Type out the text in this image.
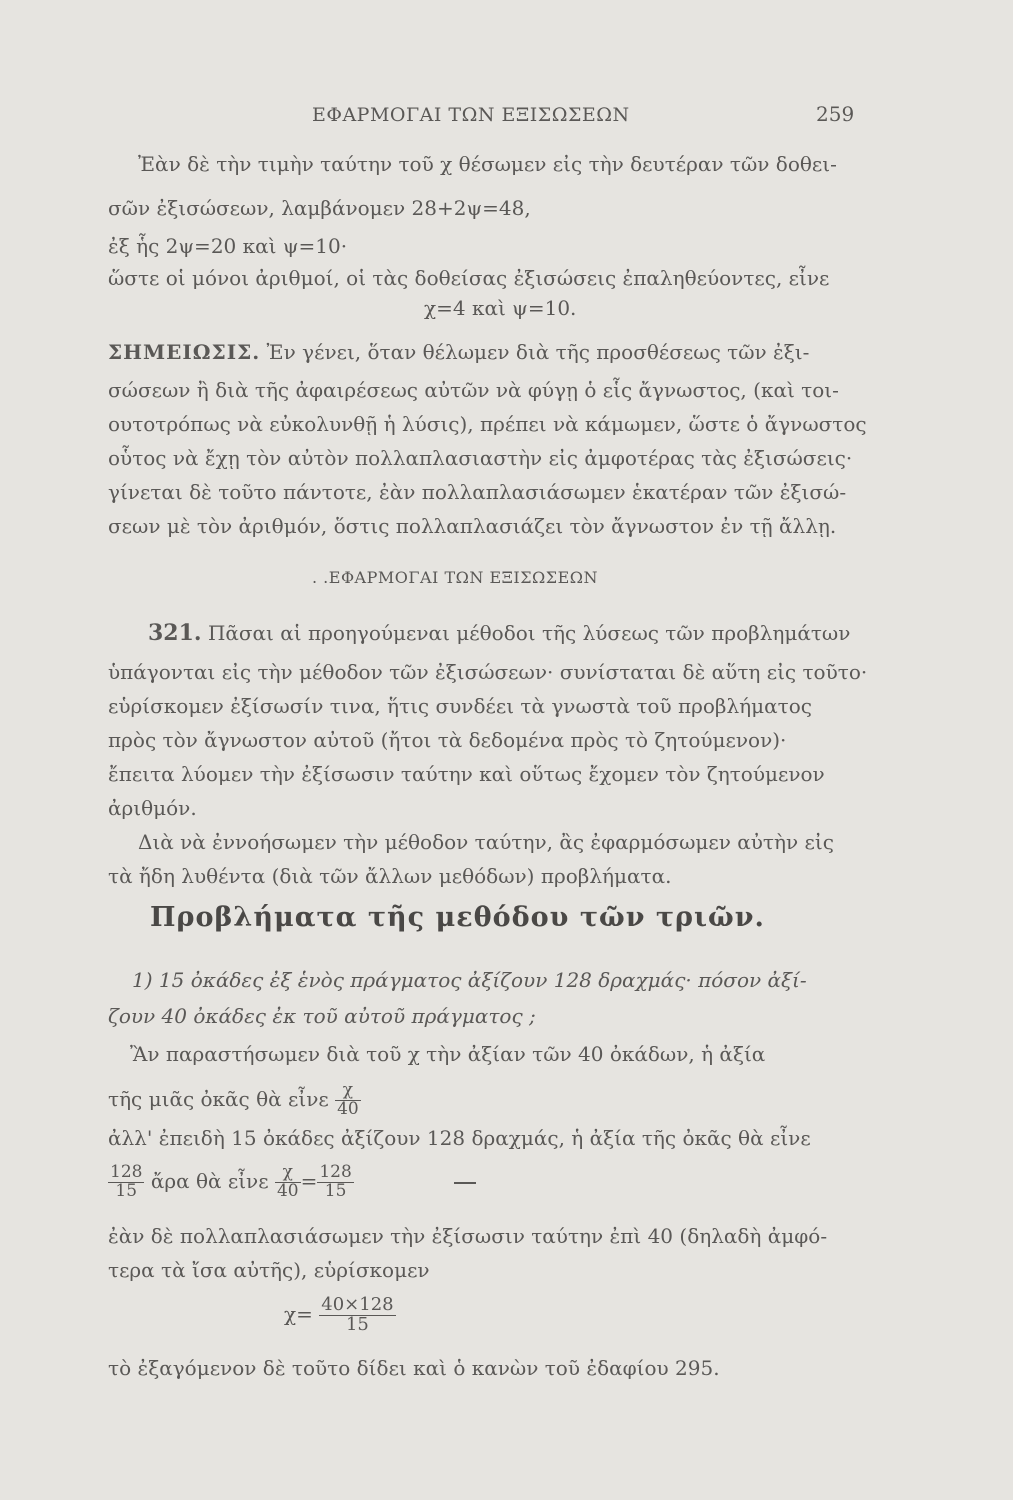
ΕΦΑΡΜΟΓΑΙ ΤΩΝ ΕΞΙΣΩΣΕΩΝ	259
Ἐὰν δὲ τὴν τιμὴν ταύτην τοῦ χ θέσωμεν εἰς τὴν δευτέραν τῶν δοθει-
σῶν ἐξισώσεων, λαμβάνομεν 28+2ψ=48,
ἐξ ἧς 2ψ=20 καὶ ψ=10·
ὥστε οἱ μόνοι ἀριθμοί, οἱ τὰς δοθείσας ἐξισώσεις ἐπαληθεύοντες, εἶνε
χ=4 καὶ ψ=10.
ΣΗΜΕΙΩΣΙΣ. Ἐν γένει, ὅταν θέλωμεν διὰ τῆς προσθέσεως τῶν ἐξι-
σώσεων ἢ διὰ τῆς ἀφαιρέσεως αὐτῶν νὰ φύγῃ ὁ εἷς ἄγνωστος, (καὶ τοι-
ουτοτρόπως νὰ εὐκολυνθῇ ἡ λύσις), πρέπει νὰ κάμωμεν, ὥστε ὁ ἄγνωστος
οὗτος νὰ ἔχῃ τὸν αὐτὸν πολλαπλασιαστὴν εἰς ἀμφοτέρας τὰς ἐξισώσεις·
γίνεται δὲ τοῦτο πάντοτε, ἐὰν πολλαπλασιάσωμεν ἑκατέραν τῶν ἐξισώ-
σεων μὲ τὸν ἀριθμόν, ὅστις πολλαπλασιάζει τὸν ἄγνωστον ἐν τῇ ἄλλῃ.
. .ΕΦΑΡΜΟΓΑΙ ΤΩΝ ΕΞΙΣΩΣΕΩΝ
321. Πᾶσαι αἱ προηγούμεναι μέθοδοι τῆς λύσεως τῶν προβλημάτων
ὑπάγονται εἰς τὴν μέθοδον τῶν ἐξισώσεων· συνίσταται δὲ αὕτη εἰς τοῦτο·
εὑρίσκομεν ἐξίσωσίν τινα, ἥτις συνδέει τὰ γνωστὰ τοῦ προβλήματος
πρὸς τὸν ἄγνωστον αὐτοῦ (ἤτοι τὰ δεδομένα πρὸς τὸ ζητούμενον)·
ἔπειτα λύομεν τὴν ἐξίσωσιν ταύτην καὶ οὕτως ἔχομεν τὸν ζητούμενον
ἀριθμόν.
Διὰ νὰ ἐννοήσωμεν τὴν μέθοδον ταύτην, ἂς ἐφαρμόσωμεν αὐτὴν εἰς
τὰ ἤδη λυθέντα (διὰ τῶν ἄλλων μεθόδων) προβλήματα.
Προβλήματα τῆς μεθόδου τῶν τριῶν.
1) 15 ὀκάδες ἐξ ἑνὸς πράγματος ἀξίζουν 128 δραχμάς· πόσον ἀξί-
ζουν 40 ὀκάδες ἐκ τοῦ αὐτοῦ πράγματος ;
Ἂν παραστήσωμεν διὰ τοῦ χ τὴν ἀξίαν τῶν 40 ὀκάδων, ἡ ἀξία
τῆς μιᾶς ὀκᾶς θὰ εἶνε $\frac{\chi}{40}$
ἀλλ' ἐπειδὴ 15 ὀκάδες ἀξίζουν 128 δραχμάς, ἡ ἀξία τῆς ὀκᾶς θὰ εἶνε
$\frac{128}{15}$ ἄρα θὰ εἶνε $\frac{\chi}{40} = \frac{128}{15}$
ἐὰν δὲ πολλαπλασιάσωμεν τὴν ἐξίσωσιν ταύτην ἐπὶ 40 (δηλαδὴ ἀμφό-
τερα τὰ ἴσα αὐτῆς), εὑρίσκομεν
$\chi= \frac{40\times 128}{15}$
τὸ ἐξαγόμενον δὲ τοῦτο δίδει καὶ ὁ κανὼν τοῦ ἐδαφίου 295.
